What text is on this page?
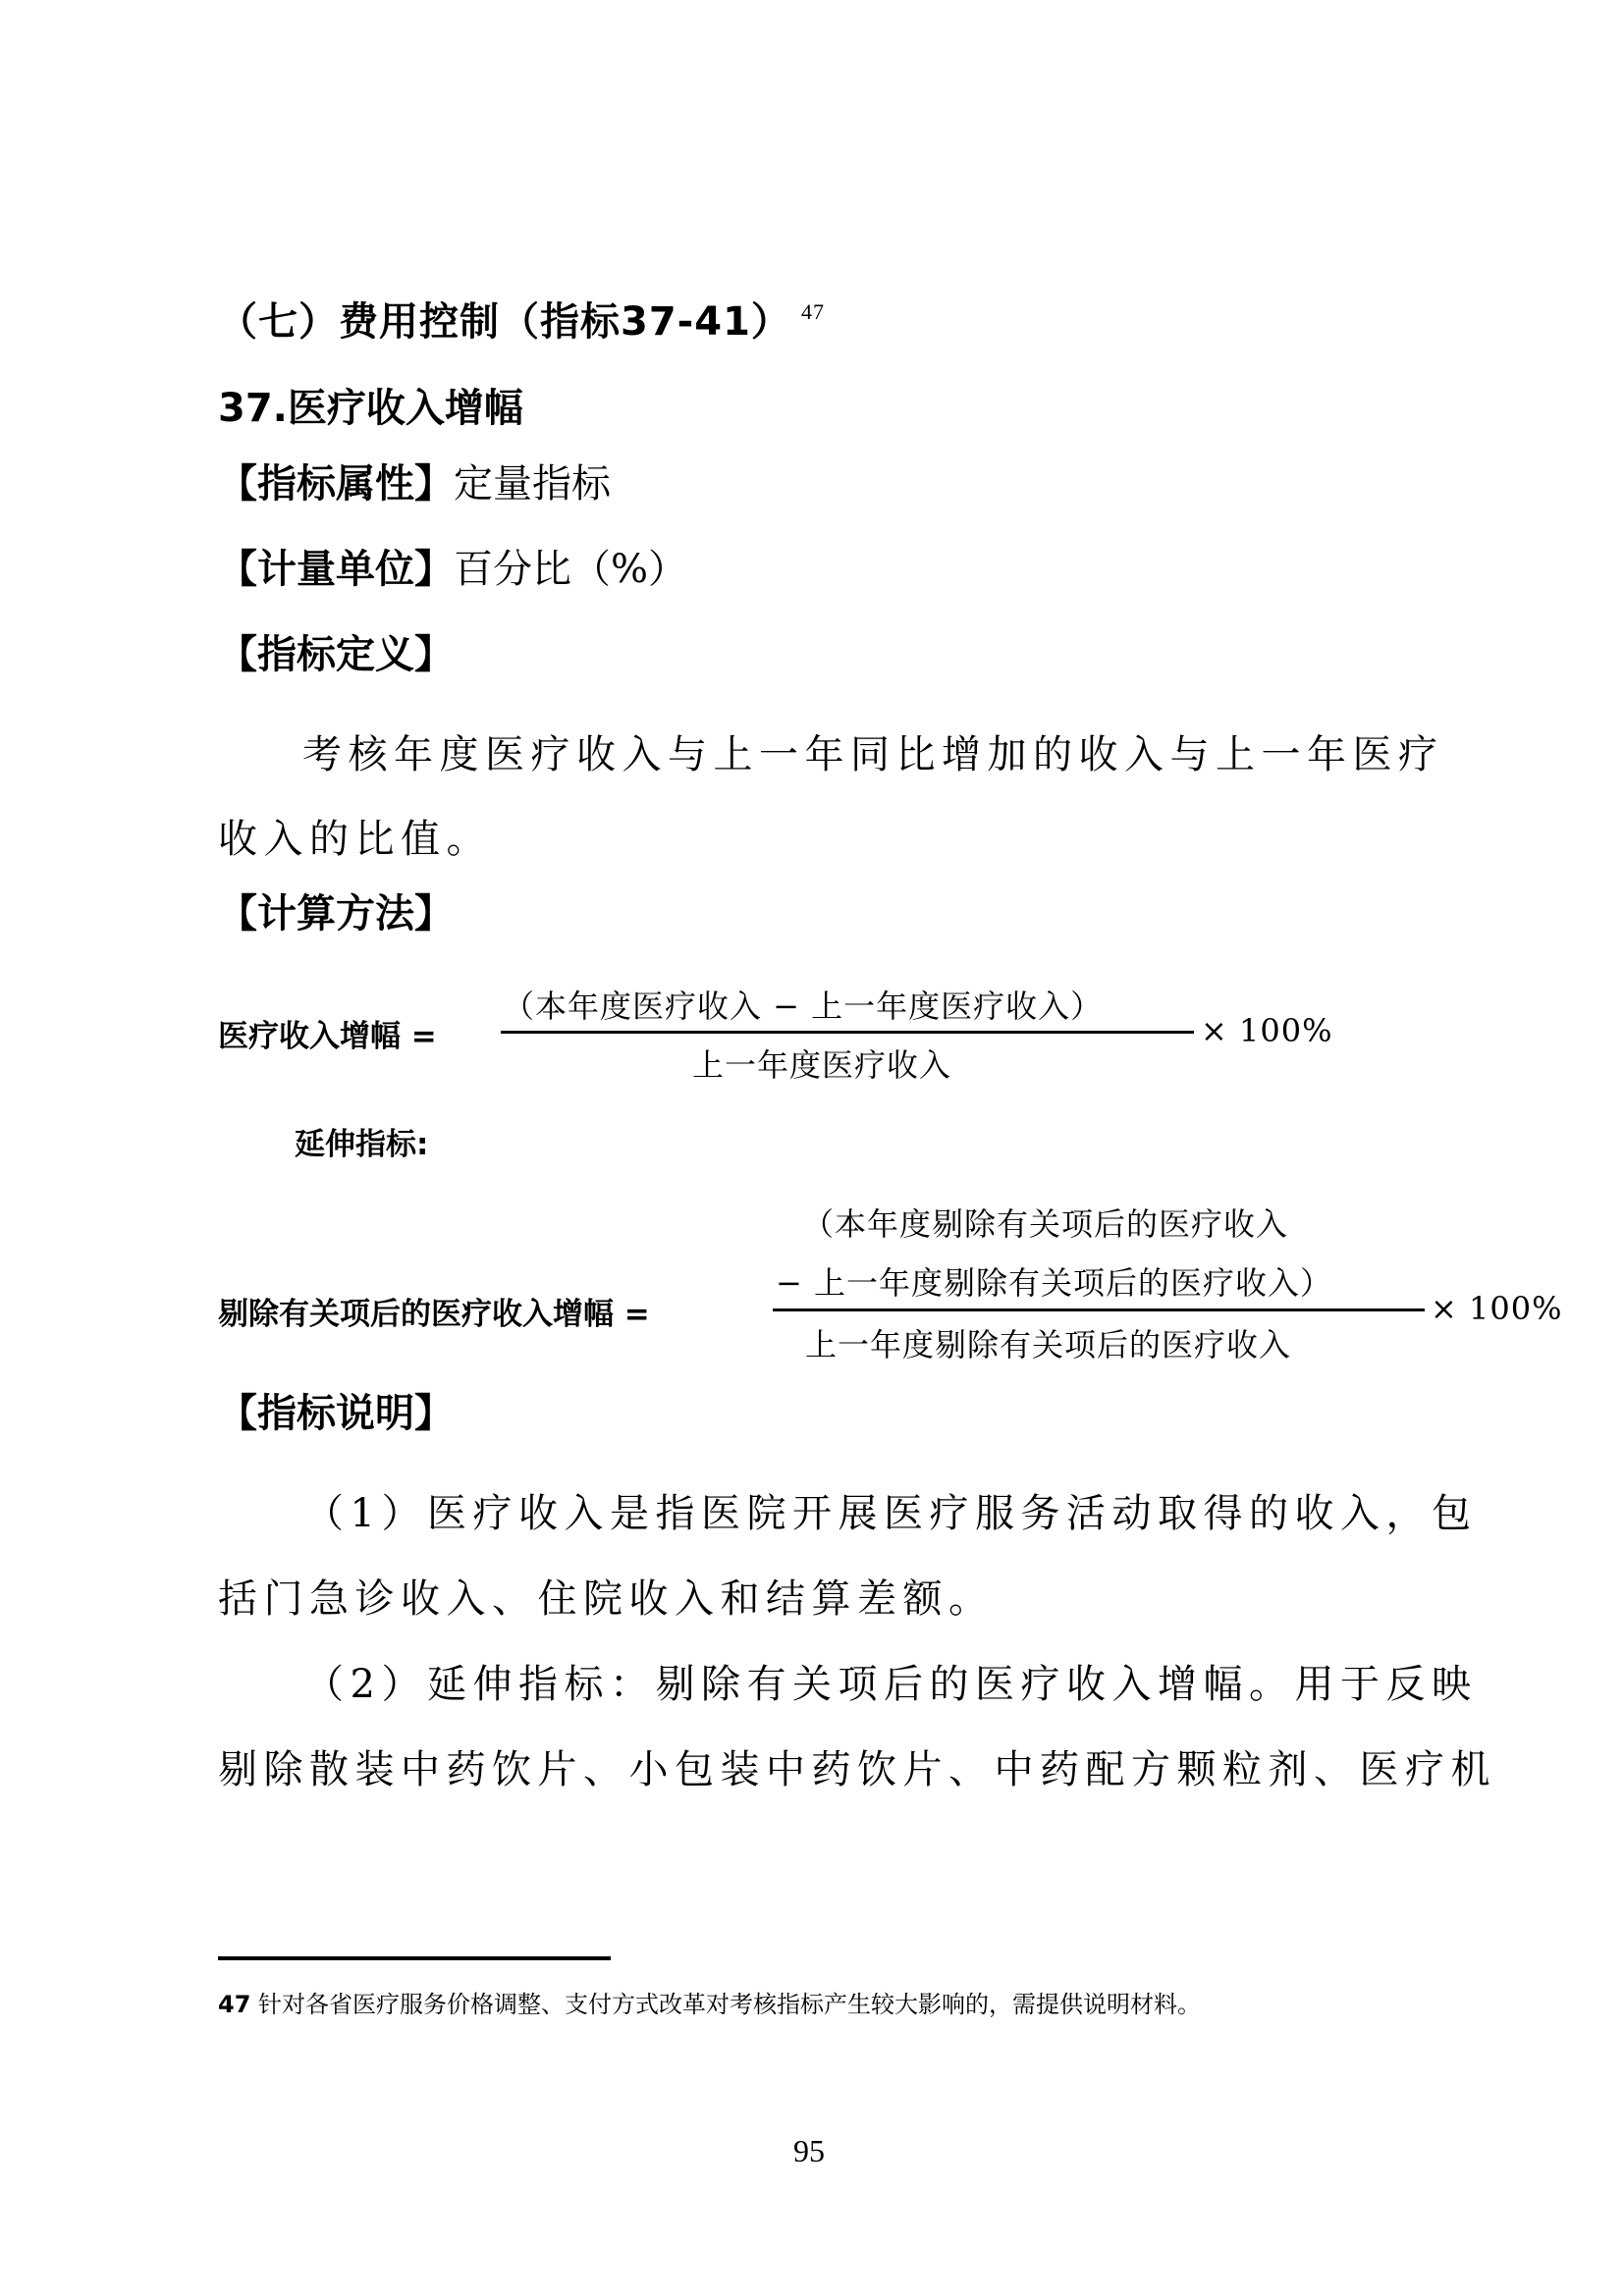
（七）费用控制（指标37-41） $^{47}$
37.医疗收入增幅
【指标属性】定量指标
【计量单位】百分比（%）
【指标定义】
考核年度医疗收入与上一年同比增加的收入与上一年医疗
收入的比值。
【计算方法】
医疗收入增幅 =
（本年度医疗收入 − 上一年度医疗收入）
上一年度医疗收入
× 100%
延伸指标:
剔除有关项后的医疗收入增幅 =
（本年度剔除有关项后的医疗收入
− 上一年度剔除有关项后的医疗收入）
上一年度剔除有关项后的医疗收入
× 100%
【指标说明】
（1）医疗收入是指医院开展医疗服务活动取得的收入，包
括门急诊收入、住院收入和结算差额。
（2）延伸指标：剔除有关项后的医疗收入增幅。用于反映
剔除散装中药饮片、小包装中药饮片、中药配方颗粒剂、医疗机
47 针对各省医疗服务价格调整、支付方式改革对考核指标产生较大影响的，需提供说明材料。
95
